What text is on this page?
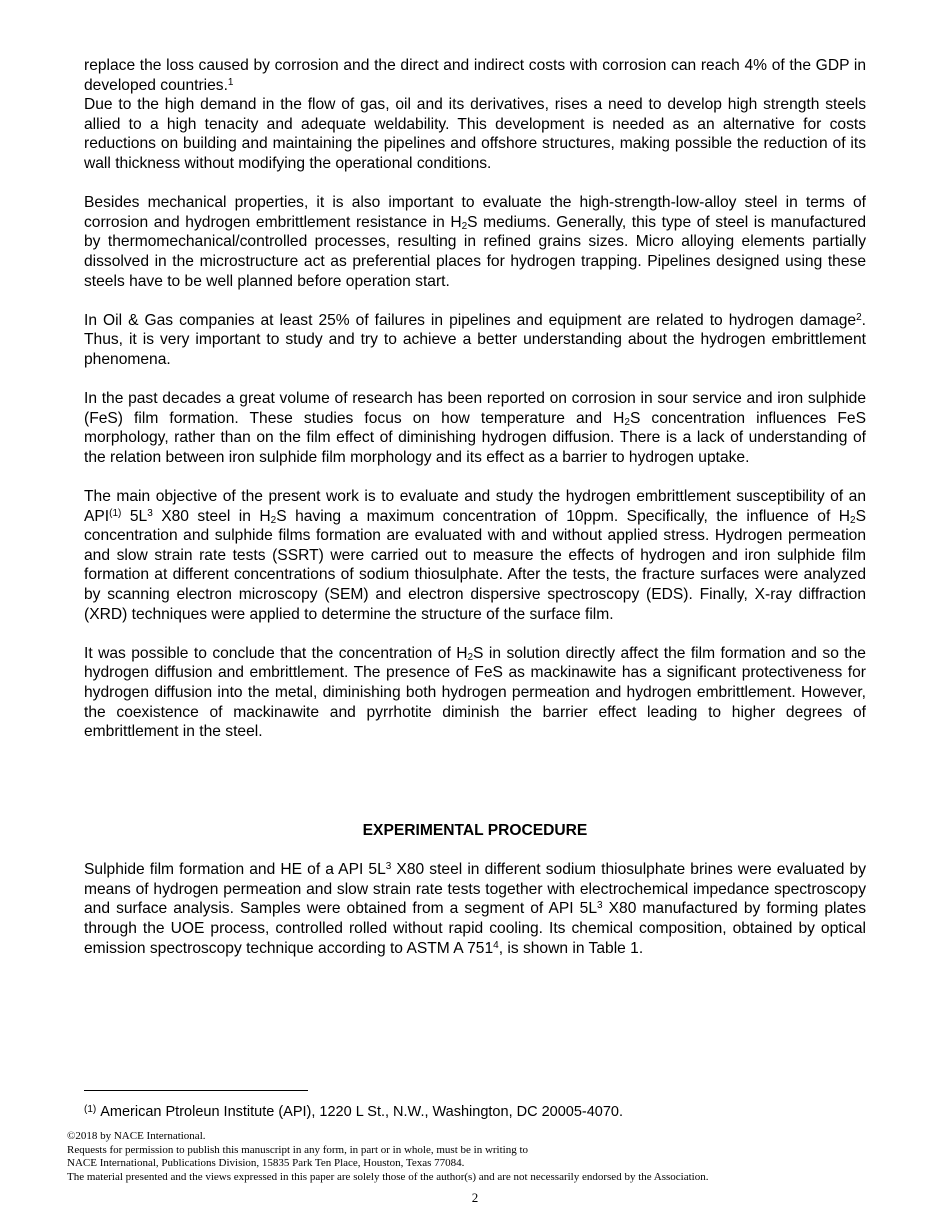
replace the loss caused by corrosion and the direct and indirect costs with corrosion can reach 4% of the GDP in developed countries.$^1$

Due to the high demand in the flow of gas, oil and its derivatives, rises a need to develop high strength steels allied to a high tenacity and adequate weldability. This development is needed as an alternative for costs reductions on building and maintaining the pipelines and offshore structures, making possible the reduction of its wall thickness without modifying the operational conditions.

Besides mechanical properties, it is also important to evaluate the high-strength-low-alloy steel in terms of corrosion and hydrogen embrittlement resistance in $H_2S$ mediums. Generally, this type of steel is manufactured by thermomechanical/controlled processes, resulting in refined grains sizes. Micro alloying elements partially dissolved in the microstructure act as preferential places for hydrogen trapping. Pipelines designed using these steels have to be well planned before operation start.

In Oil & Gas companies at least 25% of failures in pipelines and equipment are related to hydrogen damage$^2$. Thus, it is very important to study and try to achieve a better understanding about the hydrogen embrittlement phenomena.

In the past decades a great volume of research has been reported on corrosion in sour service and iron sulphide (FeS) film formation. These studies focus on how temperature and $H_2S$ concentration influences FeS morphology, rather than on the film effect of diminishing hydrogen diffusion. There is a lack of understanding of the relation between iron sulphide film morphology and its effect as a barrier to hydrogen uptake.

The main objective of the present work is to evaluate and study the hydrogen embrittlement susceptibility of an API$^{(1)}$ $5L^3$ X80 steel in $H_2S$ having a maximum concentration of 10ppm. Specifically, the influence of $H_2S$ concentration and sulphide films formation are evaluated with and without applied stress. Hydrogen permeation and slow strain rate tests (SSRT) were carried out to measure the effects of hydrogen and iron sulphide film formation at different concentrations of sodium thiosulphate. After the tests, the fracture surfaces were analyzed by scanning electron microscopy (SEM) and electron dispersive spectroscopy (EDS). Finally, X-ray diffraction (XRD) techniques were applied to determine the structure of the surface film.

It was possible to conclude that the concentration of $H_2S$ in solution directly affect the film formation and so the hydrogen diffusion and embrittlement. The presence of FeS as mackinawite has a significant protectiveness for hydrogen diffusion into the metal, diminishing both hydrogen permeation and hydrogen embrittlement. However, the coexistence of mackinawite and pyrrhotite diminish the barrier effect leading to higher degrees of embrittlement in the steel.

EXPERIMENTAL PROCEDURE

Sulphide film formation and HE of a API $5L^3$ X80 steel in different sodium thiosulphate brines were evaluated by means of hydrogen permeation and slow strain rate tests together with electrochemical impedance spectroscopy and surface analysis. Samples were obtained from a segment of API $5L^3$ X80 manufactured by forming plates through the UOE process, controlled rolled without rapid cooling. Its chemical composition, obtained by optical emission spectroscopy technique according to ASTM A $751^4$, is shown in Table 1.

$^{(1)}$ American Ptroleun Institute (API), 1220 L St., N.W., Washington, DC 20005-4070.
©2018 by NACE International.
Requests for permission to publish this manuscript in any form, in part or in whole, must be in writing to
NACE International, Publications Division, 15835 Park Ten Place, Houston, Texas 77084.
The material presented and the views expressed in this paper are solely those of the author(s) and are not necessarily endorsed by the Association.
2
